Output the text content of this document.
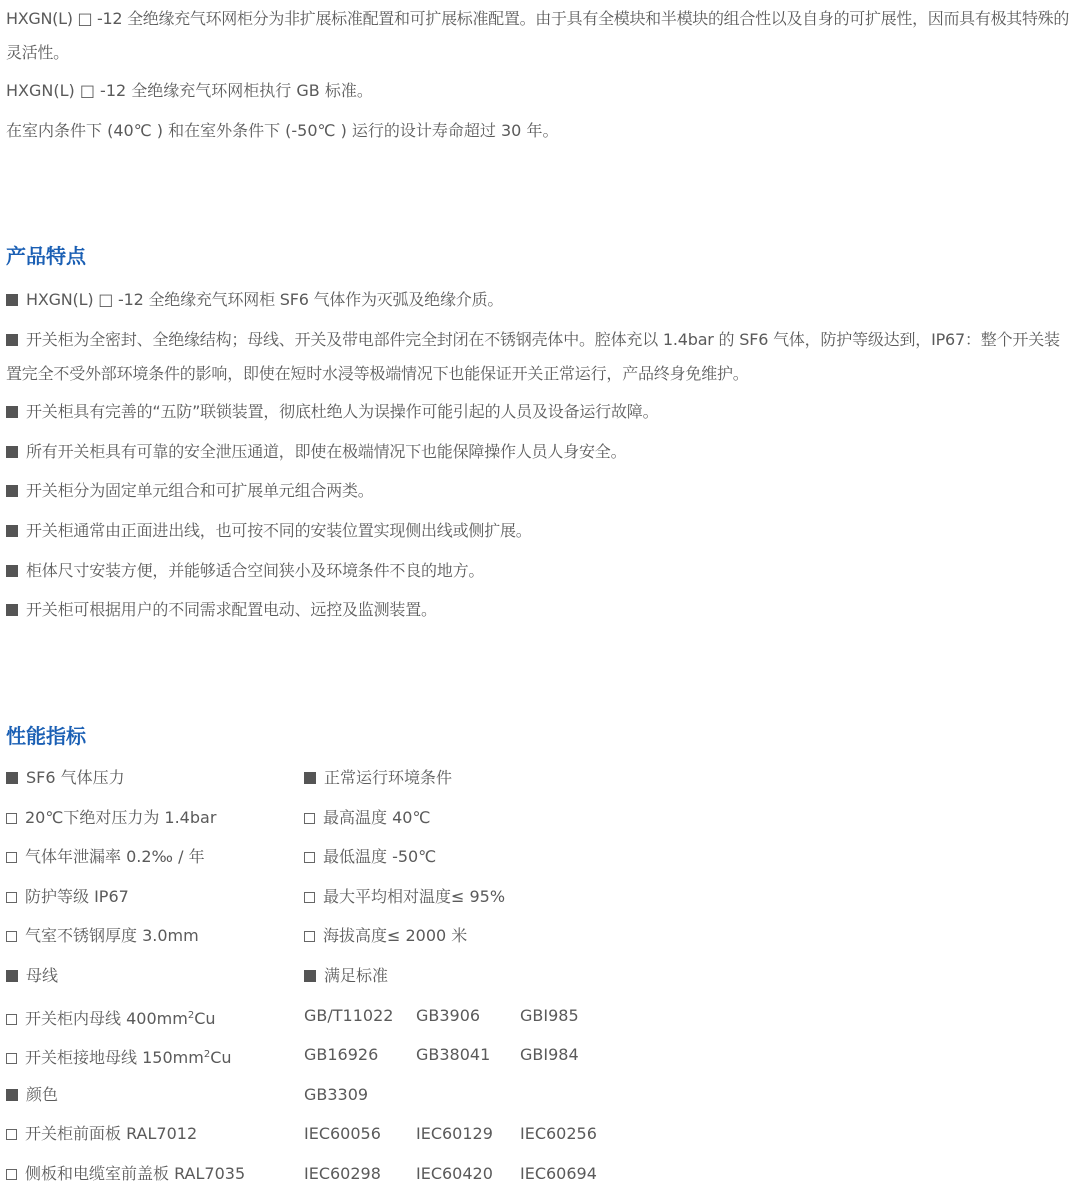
HXGN(L) □ -12 全绝缘充气环网柜分为非扩展标准配置和可扩展标准配置。由于具有全模块和半模块的组合性以及自身的可扩展性，因而具有极其特殊的灵活性。

HXGN(L) □ -12 全绝缘充气环网柜执行 GB 标准。

在室内条件下 (40℃ ) 和在室外条件下 (-50℃ ) 运行的设计寿命超过 30 年。

产品特点

HXGN(L) □ -12 全绝缘充气环网柜 SF6 气体作为灭弧及绝缘介质。

开关柜为全密封、全绝缘结构；母线、开关及带电部件完全封闭在不锈钢壳体中。腔体充以 1.4bar 的 SF6 气体，防护等级达到，IP67：整个开关装置完全不受外部环境条件的影响，即使在短时水浸等极端情况下也能保证开关正常运行，产品终身免维护。

开关柜具有完善的“五防”联锁装置，彻底杜绝人为误操作可能引起的人员及设备运行故障。

所有开关柜具有可靠的安全泄压通道，即使在极端情况下也能保障操作人员人身安全。

开关柜分为固定单元组合和可扩展单元组合两类。

开关柜通常由正面进出线，也可按不同的安装位置实现侧出线或侧扩展。

柜体尺寸安装方便，并能够适合空间狭小及环境条件不良的地方。

开关柜可根据用户的不同需求配置电动、远控及监测装置。

性能指标

SF6 气体压力

20℃下绝对压力为 1.4bar

气体年泄漏率 0.2‰ / 年

防护等级 IP67

气室不锈钢厚度 3.0mm

母线

开关柜内母线 $400mm^2Cu$

开关柜接地母线 $150mm^2Cu$

颜色

开关柜前面板 RAL7012

侧板和电缆室前盖板 RAL7035

正常运行环境条件

最高温度 40℃

最低温度 -50℃

最大平均相对温度≤ 95%

海拔高度≤ 2000 米

满足标准

GB/T11022 GB3906 GBI985
GB16926 GB38041 GBI984
GB3309
IEC60056 IEC60129 IEC60256
IEC60298 IEC60420 IEC60694
